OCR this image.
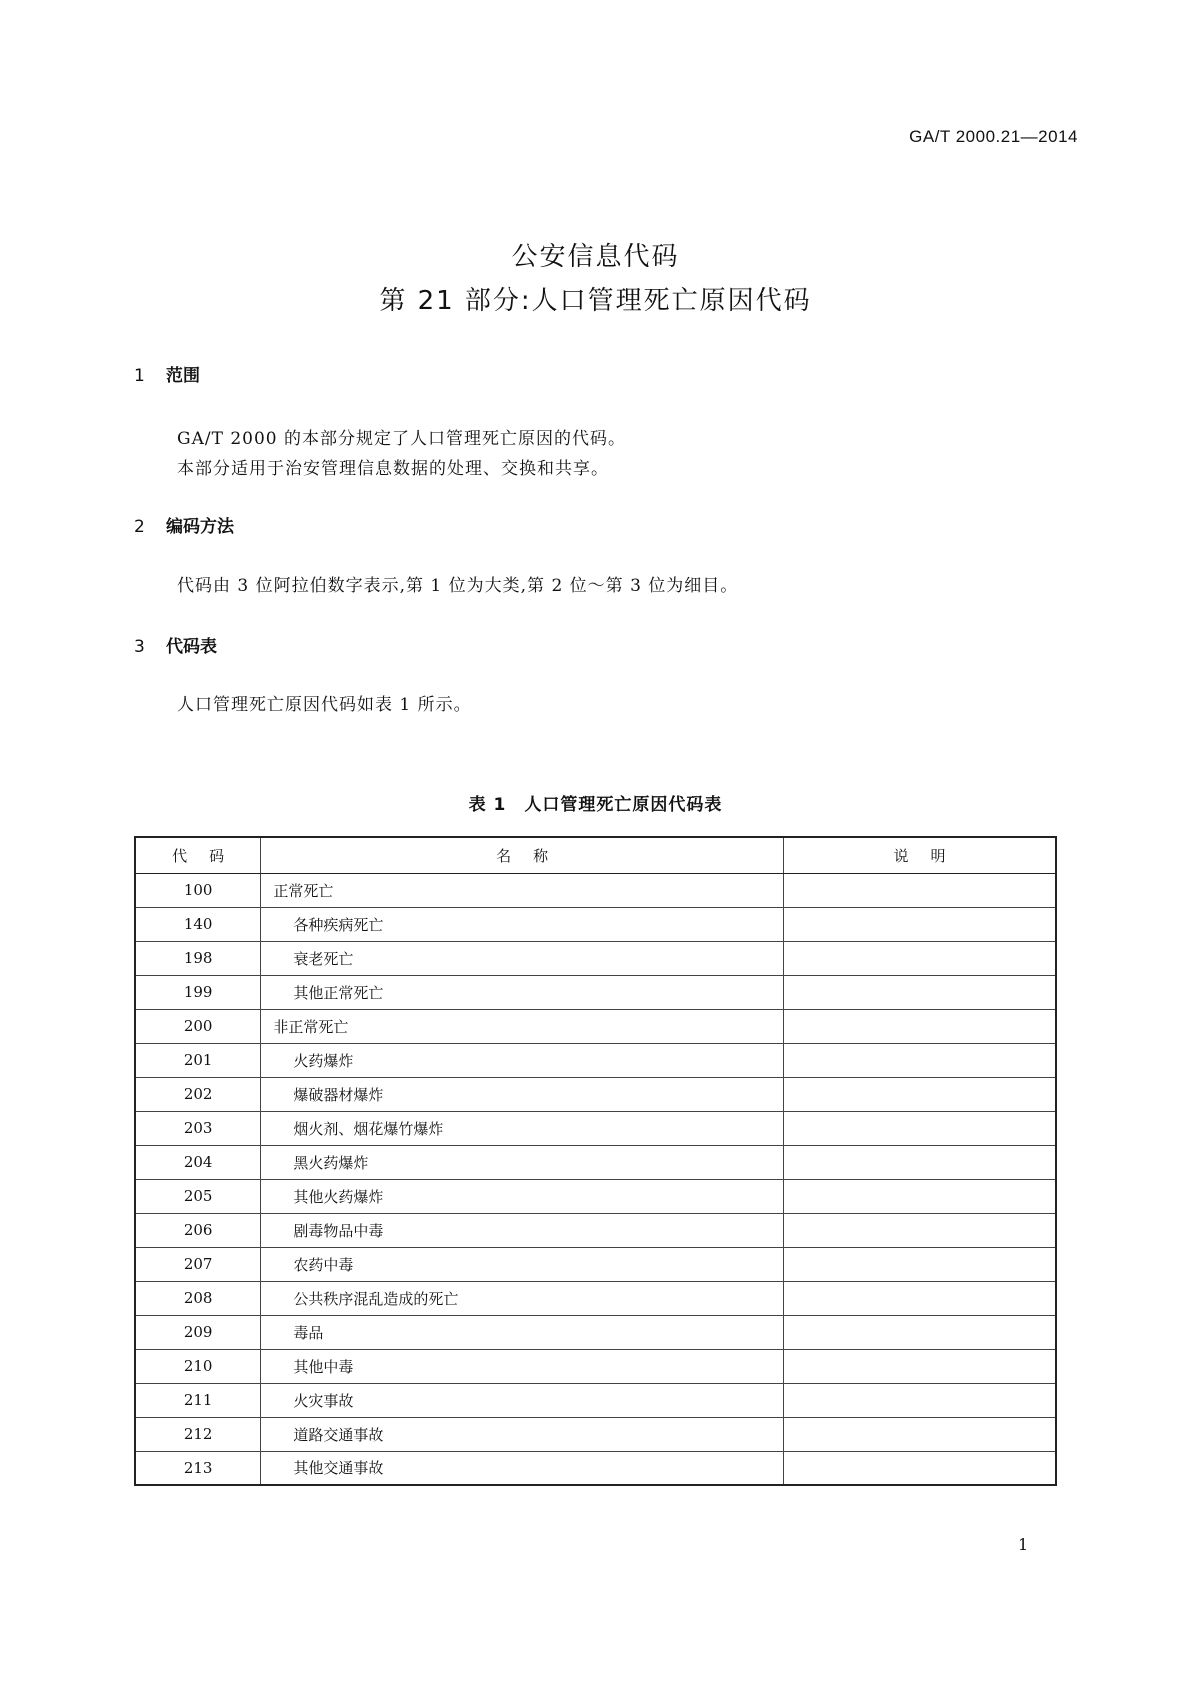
GA/T 2000.21—2014
公安信息代码
第 21 部分:人口管理死亡原因代码
1 范围
GA/T 2000 的本部分规定了人口管理死亡原因的代码。
本部分适用于治安管理信息数据的处理、交换和共享。
2 编码方法
代码由 3 位阿拉伯数字表示,第 1 位为大类,第 2 位～第 3 位为细目。
3 代码表
人口管理死亡原因代码如表 1 所示。
表 1　人口管理死亡原因代码表
代码	名称	说明
100	正常死亡	

140	各种疾病死亡	

198	衰老死亡	

199	其他正常死亡	

200	非正常死亡	

201	火药爆炸	

202	爆破器材爆炸	

203	烟火剂、烟花爆竹爆炸	

204	黑火药爆炸	

205	其他火药爆炸	

206	剧毒物品中毒	

207	农药中毒	

208	公共秩序混乱造成的死亡	

209	毒品	

210	其他中毒	

211	火灾事故	

212	道路交通事故	

213	其他交通事故	

1
